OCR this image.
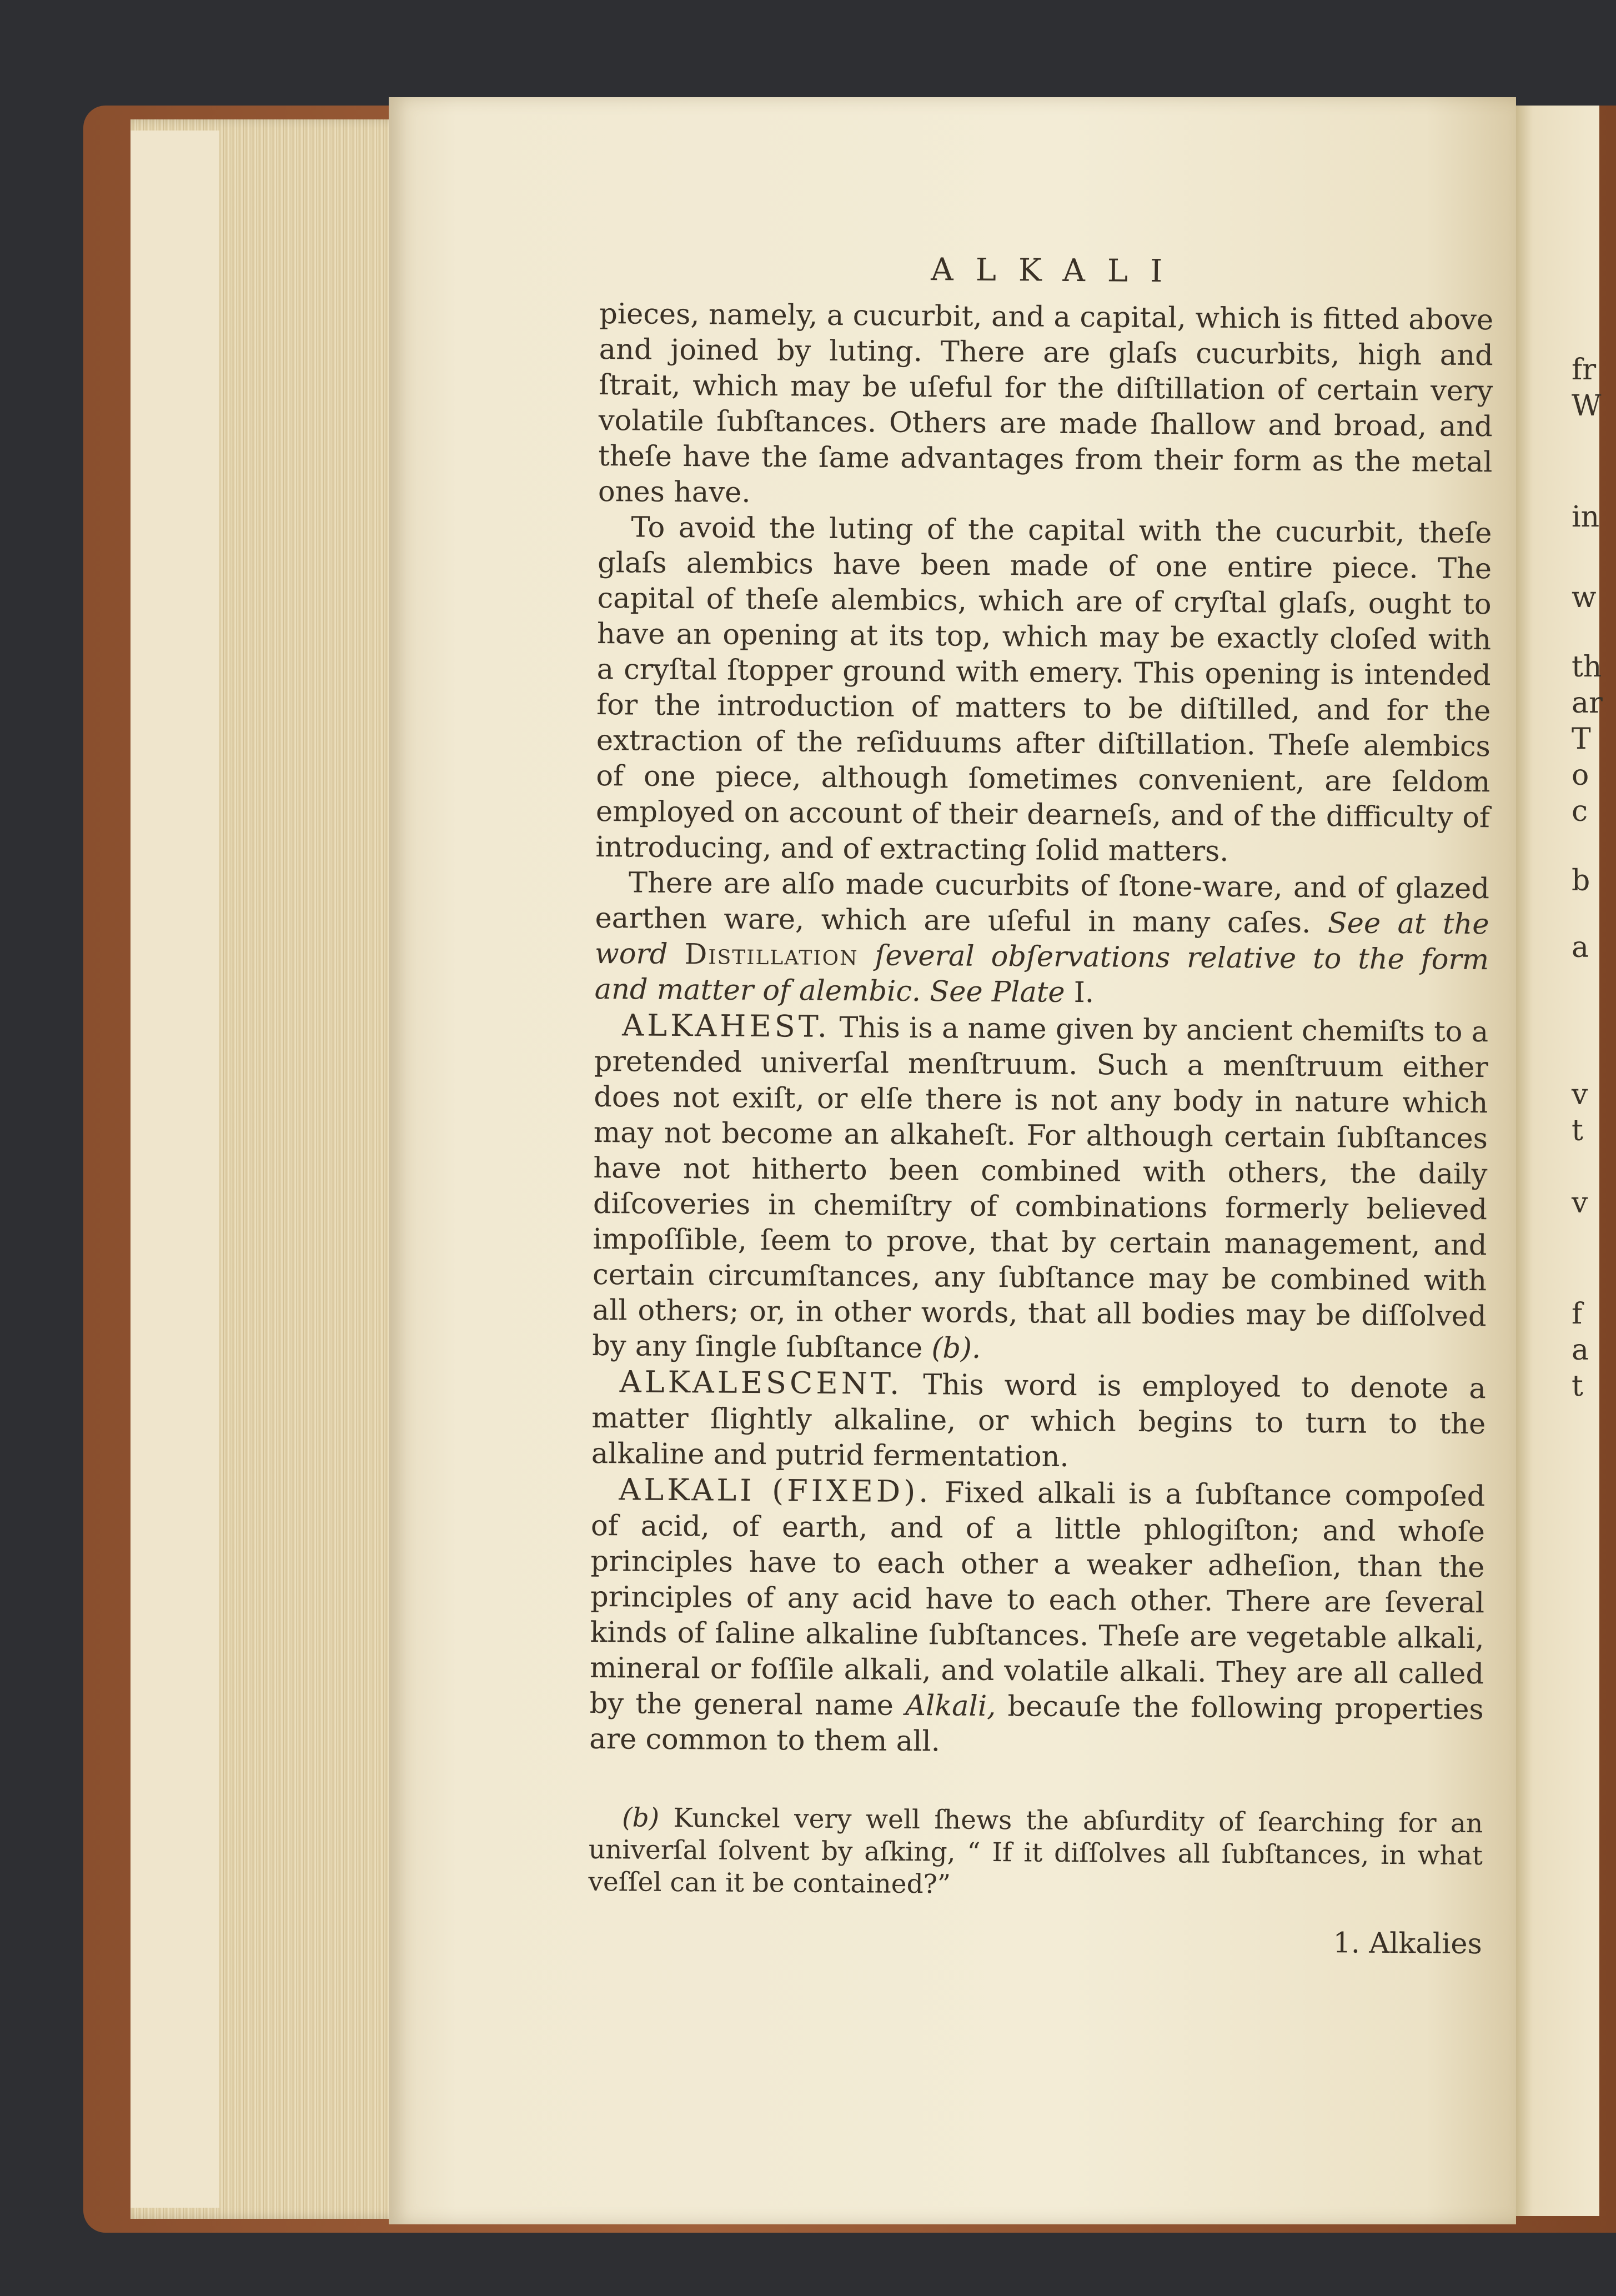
fr
W
in
w
th
ar
T
o
c
b
a
v
t
v
f
a
t
ALKALI

pieces, namely, a cucurbit, and a capital, which is fitted above and joined by luting. There are glaſs cucurbits, high and ſtrait, which may be uſeful for the diſtillation of certain very volatile ſubſtances. Others are made ſhallow and broad, and theſe have the ſame advantages from their form as the metal ones have.

To avoid the luting of the capital with the cucurbit, theſe glaſs alembics have been made of one entire piece. The capital of theſe alembics, which are of cryſtal glaſs, ought to have an opening at its top, which may be exactly cloſed with a cryſtal ſtopper ground with emery. This opening is intended for the introduction of matters to be diſtilled, and for the extraction of the reſiduums after diſtillation. Theſe alembics of one piece, although ſometimes convenient, are ſeldom employed on account of their dearneſs, and of the difficulty of introducing, and of extracting ſolid matters.

There are alſo made cucurbits of ſtone-ware, and of glazed earthen ware, which are uſeful in many caſes. See at the word Distillation ſeveral obſervations relative to the form and matter of alembic. See Plate I.

ALKAHEST. This is a name given by ancient chemiſts to a pretended univerſal menſtruum. Such a menſtruum either does not exiſt, or elſe there is not any body in nature which may not become an alkaheſt. For although certain ſubſtances have not hitherto been combined with others, the daily diſcoveries in chemiſtry of combinations formerly believed impoſſible, ſeem to prove, that by certain management, and certain circumſtances, any ſubſtance may be combined with all others; or, in other words, that all bodies may be diſſolved by any ſingle ſubſtance (b).

ALKALESCENT. This word is employed to denote a matter ſlightly alkaline, or which begins to turn to the alkaline and putrid fermentation.

ALKALI (FIXED). Fixed alkali is a ſubſtance compoſed of acid, of earth, and of a little phlogiſton; and whoſe principles have to each other a weaker adheſion, than the principles of any acid have to each other. There are ſeveral kinds of ſaline alkaline ſubſtances. Theſe are vegetable alkali, mineral or foſſile alkali, and volatile alkali. They are all called by the general name Alkali, becauſe the following properties are common to them all.

(b) Kunckel very well ſhews the abſurdity of ſearching for an univerſal ſolvent by aſking, “ If it diſſolves all ſubſtances, in what veſſel can it be contained?”

1. Alkalies
